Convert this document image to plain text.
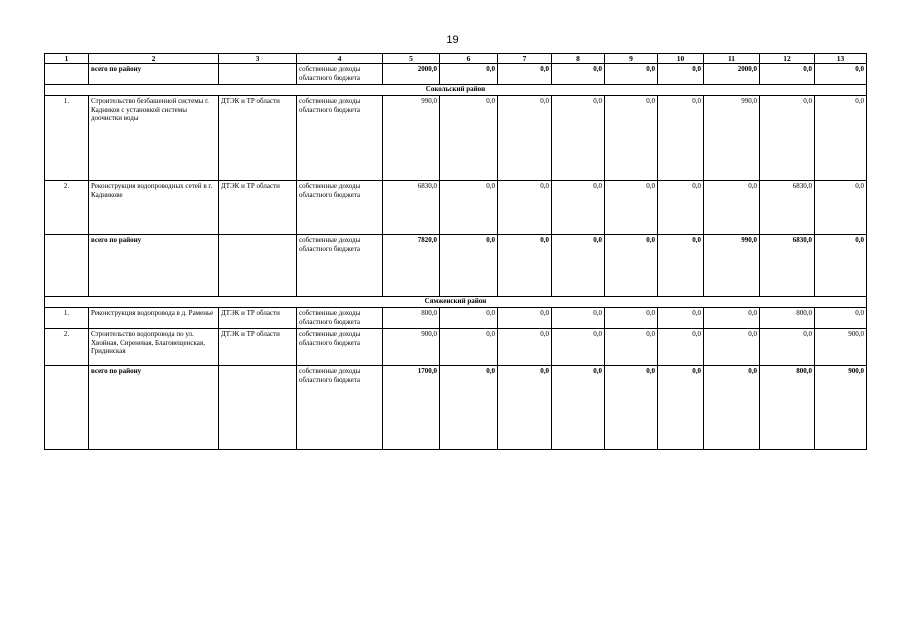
19
1	2	3	4	5	6	7	8	9	10	11	12	13
	всего по району		собственные доходы областного бюджета	2000,0	0,0	0,0	0,0	0,0	0,0	2000,0	0,0	0,0
Сокольский район												
1.	Строительство безбашенной системы г. Кадников с установкой системы доочистки воды	ДТЭК и ТР области	собственные доходы областного бюджета	990,0	0,0	0,0	0,0	0,0	0,0	990,0	0,0	0,0
2.	Реконструкция водопроводных сетей в г. Кадникове	ДТЭК и ТР области	собственные доходы областного бюджета	6830,0	0,0	0,0	0,0	0,0	0,0	0,0	6830,0	0,0
	всего по району		собственные доходы областного бюджета	7820,0	0,0	0,0	0,0	0,0	0,0	990,0	6830,0	0,0
Сямженский район												
1.	Реконструкция водопровода в д. Раменье	ДТЭК и ТР области	собственные доходы областного бюджета	800,0	0,0	0,0	0,0	0,0	0,0	0,0	800,0	0,0
2.	Строительство водопровода по ул. Хвойная, Сиреневая, Благовещенская, Гридинская	ДТЭК и ТР области	собственные доходы областного бюджета	900,0	0,0	0,0	0,0	0,0	0,0	0,0	0,0	900,0
	всего по району		собственные доходы областного бюджета	1700,0	0,0	0,0	0,0	0,0	0,0	0,0	800,0	900,0
